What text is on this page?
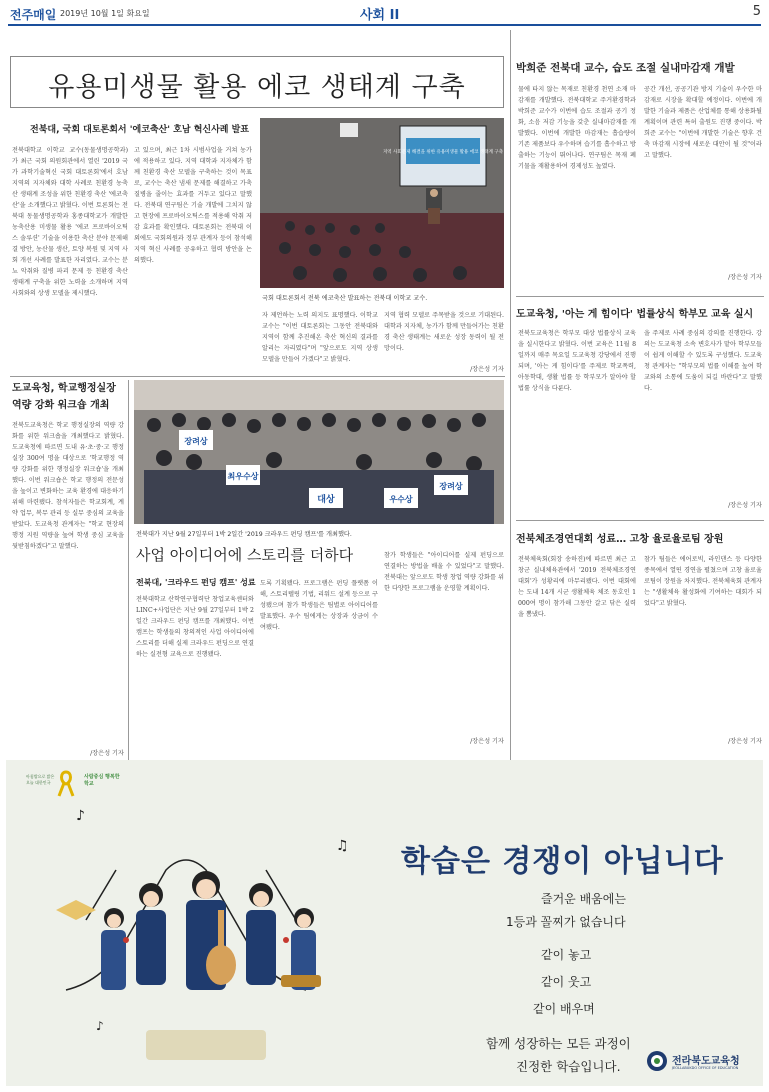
전주매일 2019년 10월 1일 화요일	사회 II	5
유용미생물 활용 에코 생태계 구축
전북대, 국회 대토론회서 '에코축산' 호남 혁신사례 발표
전북대학교 이학교 교수(동물생명공학과)가 최근 국회 의원회관에서 열린 '2019 국가 과학기술혁신 국회 대토론회'에서 호남지역의 지자체와 대학 사례로 친환경 농축산 생태계 조성을 위한 친환경 축산 '에코축산'을 소개했다고 밝혔다. 이번 토론회는 전북대 동물생명공학과 홍종대학교가 개발한 농축산용 미생물 활용 '에코 프로바이오틱스 솔루션' 기술을 이용한 축산 분야 문제해결 방안, 농산물 생산, 토양 복원 및 지역 사회 개선 사례를 발표한 자리였다. 교수는 분뇨 악취와 질병 파괴 문제 등 친환경 축산 생태계 구축을 위한 노력을 소개하며 지역 사회와의 상생 모델을 제시했다.
고 있으며, 최근 1차 시범사업을 거쳐 농가에 적용하고 있다. 지역 대학과 지자체가 함께 친환경 축산 모델을 구축하는 것이 목표로, 교수는 축산 냄새 문제를 해결하고 가축 질병을 줄이는 효과를 거두고 있다고 말했다. 전북대 연구팀은 기술 개발에 그치지 않고 현장에 프로바이오틱스를 적용해 악취 저감 효과를 확인했다. 대토론회는 전북대 이외에도 국회의원과 정부 관계자 등이 참석해 지역 혁신 사례를 공유하고 협력 방안을 논의했다.
지역 사회문제 해결을 위한 유용미생물 활용 에코 생태계 구축
국회 대토론회서 전북 에코축산 발표하는 전북대 이학교 교수.
자 제언하는 노력 의지도 표명했다. 이학교 교수는 "이번 대토론회는 그동안 전북대와 지역이 함께 추진해온 축산 혁신의 결과를 알리는 자리였다"며 "앞으로도 지역 상생 모델을 만들어 가겠다"고 밝혔다.
지역 협력 모델로 주목받을 것으로 기대된다. 대학과 지자체, 농가가 함께 만들어가는 친환경 축산 생태계는 새로운 성장 동력이 될 전망이다.
/장은성 기자
박희준 전북대 교수, 습도 조절 실내마감재 개발
물에 타지 않는 목재로 친환경 천연 소재 마감재를 개발했다. 전북대학교 주거환경학과 박희준 교수가 이번에 습도 조절과 공기 정화, 소음 저감 기능을 갖춘 실내마감재를 개발했다. 이번에 개발한 마감재는 흡습량이 기존 제품보다 우수하며 습기를 흡수하고 방출하는 기능이 뛰어나다. 연구팀은 목재 폐기물을 재활용하여 경제성도 높였다.
공간 개선, 공공기관 방지 기술이 우수한 마감재로 시장을 확대할 예정이다. 이번에 개발한 기술과 제품은 산업체를 통해 상용화될 계획이며 관련 특허 출원도 진행 중이다. 박희준 교수는 "이번에 개발한 기술은 향후 건축 마감재 시장에 새로운 대안이 될 것"이라고 말했다.
/장은성 기자
도교육청, '아는 게 힘이다' 법률상식 학부모 교육 실시
전북도교육청은 학부모 대상 법률상식 교육을 실시한다고 밝혔다. 이번 교육은 11월 8일까지 매주 목요일 도교육청 강당에서 진행되며, '아는 게 힘이다'를 주제로 학교폭력, 아동학대, 생활 법률 등 학부모가 알아야 할 법률 상식을 다룬다.
을 주제로 사례 중심의 강의를 진행한다. 강의는 도교육청 소속 변호사가 맡아 학부모들이 쉽게 이해할 수 있도록 구성했다. 도교육청 관계자는 "학부모의 법률 이해를 높여 학교와의 소통에 도움이 되길 바란다"고 말했다.
/장은성 기자
도교육청, 학교행정실장 역량 강화 워크숍 개최
전북도교육청은 학교 행정실장의 역량 강화를 위한 워크숍을 개최했다고 밝혔다. 도교육청에 따르면 도내 유·초·중·고 행정실장 300여 명을 대상으로 '학교행정 역량 강화를 위한 행정실장 워크숍'을 개최했다. 이번 워크숍은 학교 행정의 전문성을 높이고 변화하는 교육 환경에 대응하기 위해 마련됐다. 참석자들은 학교회계, 계약 업무, 복무 관리 등 실무 중심의 교육을 받았다. 도교육청 관계자는 "학교 현장의 행정 지원 역량을 높여 학생 중심 교육을 뒷받침하겠다"고 말했다.
/장은성 기자
장려상
최우수상
대상	우수상
장려상
전북대가 지난 9월 27일부터 1박 2일간 '2019 크라우드 펀딩 캠프'를 개최했다.
사업 아이디어에 스토리를 더하다
전북대, '크라우드 펀딩 캠프' 성료
전북대학교 산학연구협력단 창업교육센터와 LINC+사업단은 지난 9월 27일부터 1박 2일간 크라우드 펀딩 캠프를 개최했다. 이번 캠프는 학생들의 창의적인 사업 아이디어에 스토리를 더해 실제 크라우드 펀딩으로 연결하는 실전형 교육으로 진행됐다.
도록 기획됐다. 프로그램은 펀딩 플랫폼 이해, 스토리텔링 기법, 리워드 설계 등으로 구성됐으며 참가 학생들은 팀별로 아이디어를 발표했다. 우수 팀에게는 상장과 상금이 수여됐다.
참가 학생들은 "아이디어를 실제 펀딩으로 연결하는 방법을 배울 수 있었다"고 말했다. 전북대는 앞으로도 학생 창업 역량 강화를 위한 다양한 프로그램을 운영할 계획이다.
/장은성 기자
전북체조경연대회 성료… 고창 율로율로팀 장원
전북체육회(회장 송하진)에 따르면 최근 고창군 실내체육관에서 '2019 전북체조경연대회'가 성황리에 마무리됐다. 이번 대회에는 도내 14개 시군 생활체육 체조 동호인 1000여 명이 참가해 그동안 갈고 닦은 실력을 뽐냈다.
참가 팀들은 에어로빅, 라인댄스 등 다양한 종목에서 열띤 경연을 펼쳤으며 고창 율로율로팀이 장원을 차지했다. 전북체육회 관계자는 "생활체육 활성화에 기여하는 대회가 되었다"고 밝혔다.
/장은성 기자
아침밥으로 밝은 오늘 대한민국
사람중심 행복한 학교
♪
♫
♪
학습은 경쟁이 아닙니다
즐거운 배움에는
1등과 꼴찌가 없습니다
같이 놓고
같이 웃고
같이 배우며
함께 성장하는 모든 과정이
진정한 학습입니다.	전라북도교육청
JEOLLABUKDO OFFICE OF EDUCATION
